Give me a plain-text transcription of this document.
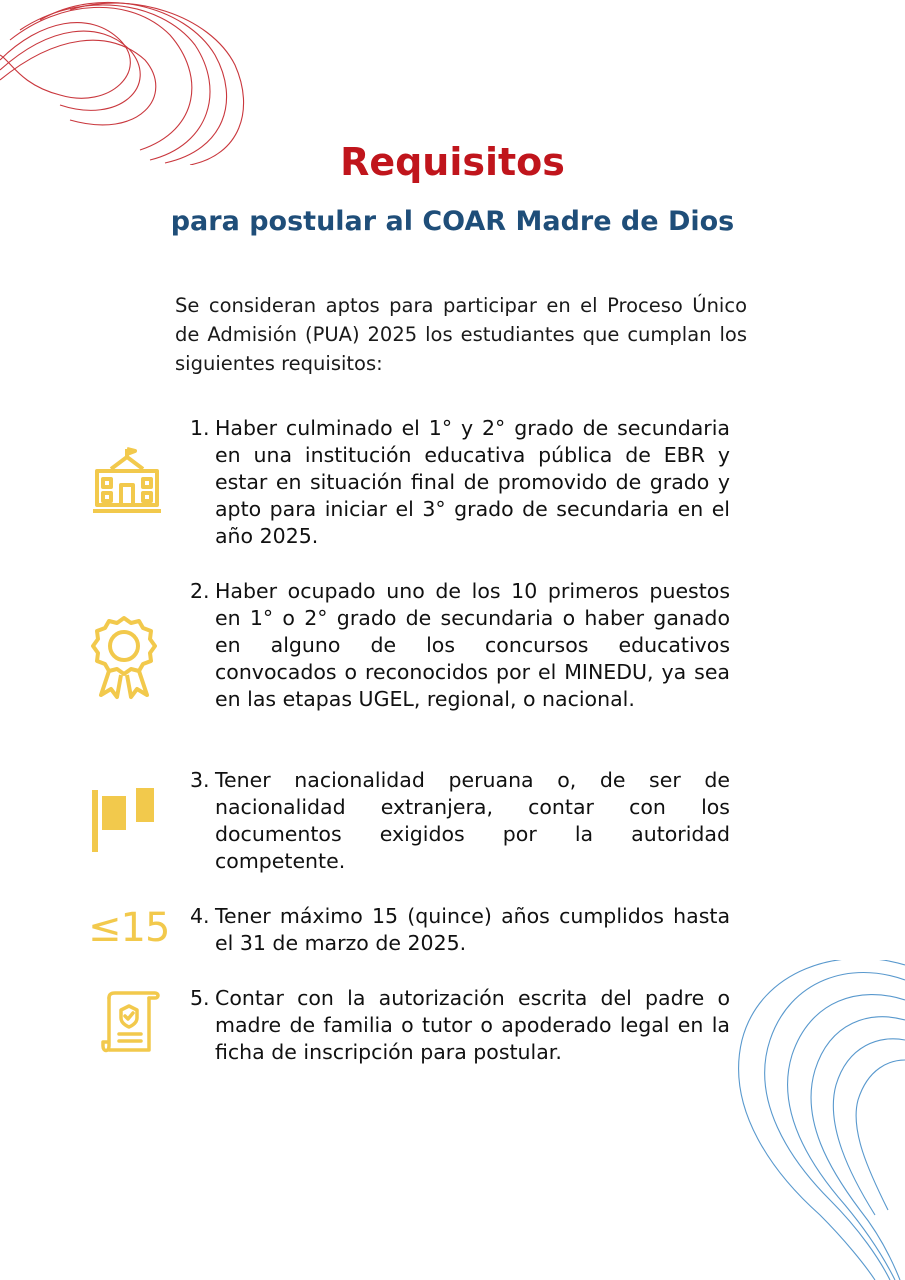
Requisitos
para postular al COAR Madre de Dios

Se consideran aptos para participar en el Proceso Único de Admisión (PUA) 2025 los estudiantes que cumplan los siguientes requisitos:

1. Haber culminado el 1° y 2° grado de secundaria en una institución educativa pública de EBR y estar en situación final de promovido de grado y apto para iniciar el 3° grado de secundaria en el año 2025.
2. Haber ocupado uno de los 10 primeros puestos en 1° o 2° grado de secundaria o haber ganado en alguno de los concursos educativos convocados o reconocidos por el MINEDU, ya sea en las etapas UGEL, regional, o nacional.
3. Tener nacionalidad peruana o, de ser de nacionalidad extranjera, contar con los documentos exigidos por la autoridad competente.
≤15 4. Tener máximo 15 (quince) años cumplidos hasta el 31 de marzo de 2025.
5. Contar con la autorización escrita del padre o madre de familia o tutor o apoderado legal en la ficha de inscripción para postular.
